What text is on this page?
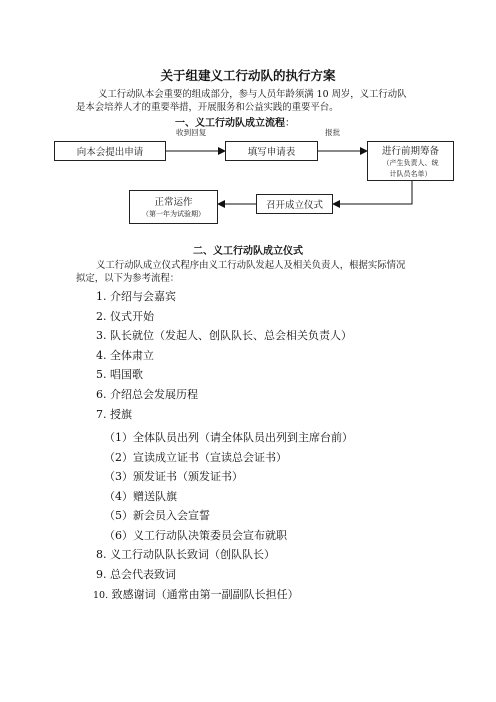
关于组建义工行动队的执行方案
义工行动队本会重要的组成部分，参与人员年龄须满 10 周岁，义工行动队
是本会培养人才的重要举措，开展服务和公益实践的重要平台。
一、义工行动队成立流程：
收到回复	报批
向本会提出申请	填写申请表	进行前期筹备
（产生负责人、统计队员名单）
召开成立仪式
正常运作
（第一年为试验期）
二、义工行动队成立仪式
义工行动队成立仪式程序由义工行动队发起人及相关负责人，根据实际情况
拟定，以下为参考流程：
1. 介绍与会嘉宾
2. 仪式开始
3. 队长就位（发起人、创队队长、总会相关负责人）
4. 全体肃立
5. 唱国歌
6. 介绍总会发展历程
7. 授旗
（1）全体队员出列（请全体队员出列到主席台前）
（2）宣读成立证书（宣读总会证书）
（3）颁发证书（颁发证书）
（4）赠送队旗
（5）新会员入会宣誓
（6）义工行动队决策委员会宣布就职
8. 义工行动队队长致词（创队队长）
9. 总会代表致词
10. 致感谢词（通常由第一副副队长担任）
